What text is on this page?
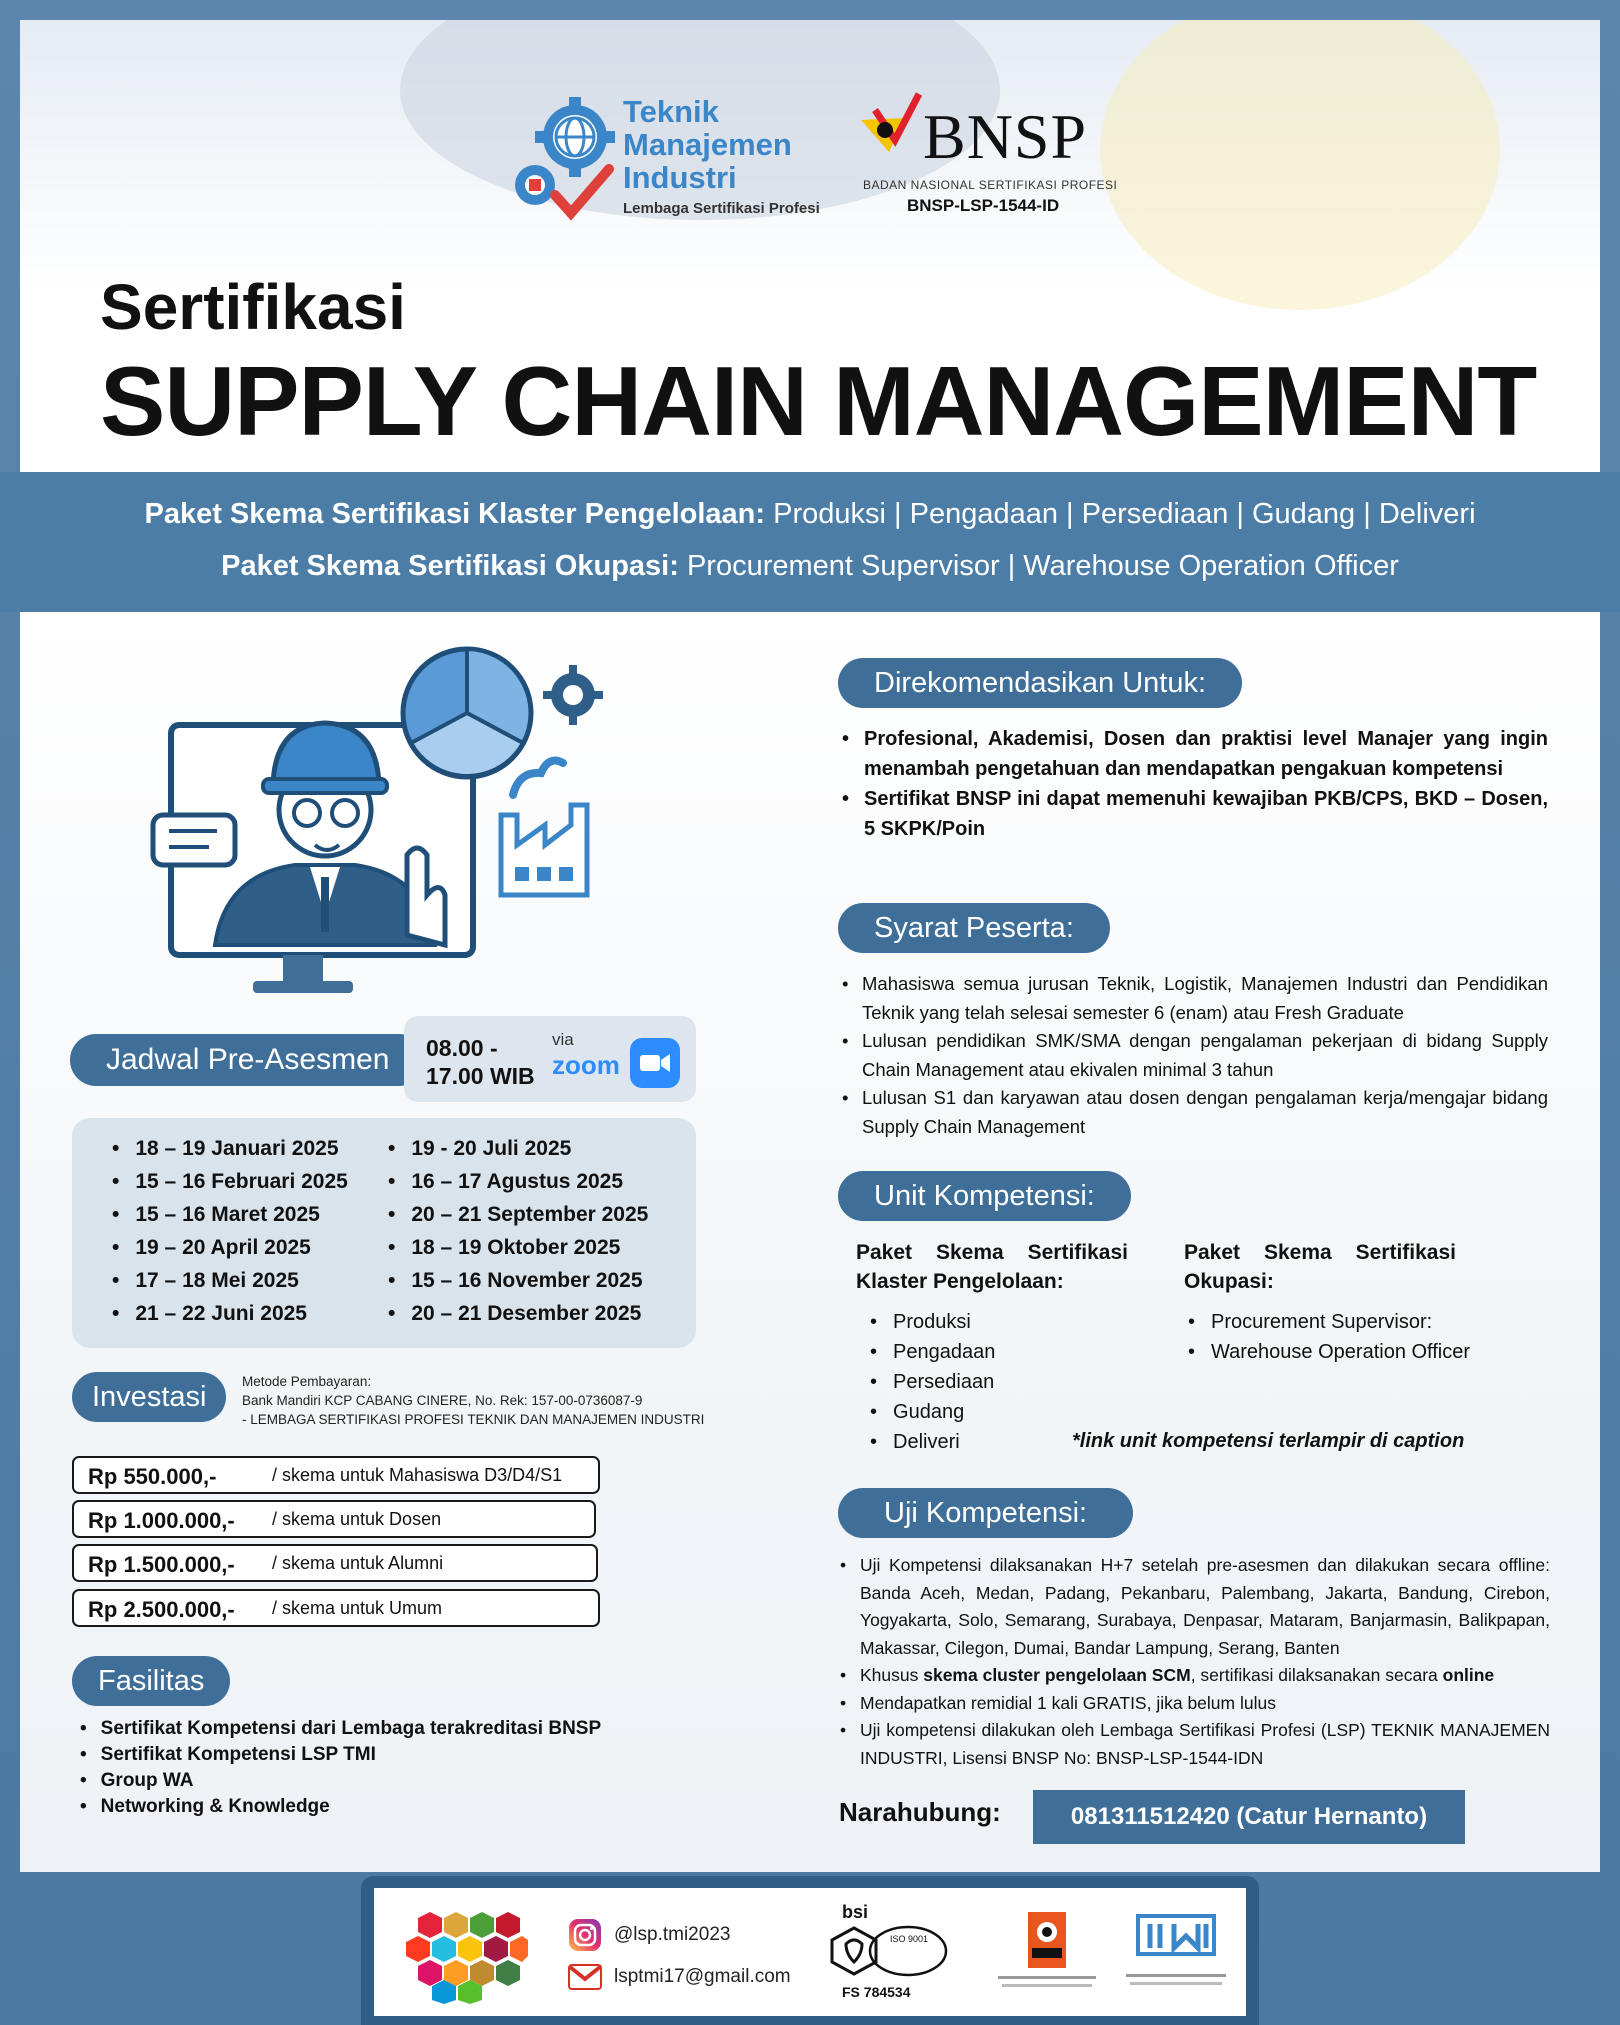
Teknik
Manajemen
Industri
Lembaga Sertifikasi Profesi
BNSP
BADAN NASIONAL SERTIFIKASI PROFESI
BNSP-LSP-1544-ID
Sertifikasi
SUPPLY CHAIN MANAGEMENT
Paket Skema Sertifikasi Klaster Pengelolaan: Produksi | Pengadaan | Persediaan | Gudang | Deliveri
Paket Skema Sertifikasi Okupasi: Procurement Supervisor | Warehouse Operation Officer
Jadwal Pre-Asesmen	08.00 -
17.00 WIB
via
zoom
• 18 – 19 Januari 2025
• 15 – 16 Februari 2025
• 15 – 16 Maret 2025
• 19 – 20 April 2025
• 17 – 18 Mei 2025
• 21 – 22 Juni 2025
• 19 - 20 Juli 2025
• 16 – 17 Agustus 2025
• 20 – 21 September 2025
• 18 – 19 Oktober 2025
• 15 – 16 November 2025
• 20 – 21 Desember 2025
Investasi	Metode Pembayaran:
Bank Mandiri KCP CABANG CINERE, No. Rek: 157-00-0736087-9
- LEMBAGA SERTIFIKASI PROFESI TEKNIK DAN MANAJEMEN INDUSTRI
Rp 550.000,-	/ skema untuk Mahasiswa D3/D4/S1
Rp 1.000.000,- / skema untuk Dosen
Rp 1.500.000,- / skema untuk Alumni
Rp 2.500.000,- / skema untuk Umum
Fasilitas
• Sertifikat Kompetensi dari Lembaga terakreditasi BNSP
• Sertifikat Kompetensi LSP TMI
• Group WA
• Networking & Knowledge
Direkomendasikan Untuk:
• Profesional, Akademisi, Dosen dan praktisi level Manajer yang ingin menambah pengetahuan dan mendapatkan pengakuan kompetensi
• Sertifikat BNSP ini dapat memenuhi kewajiban PKB/CPS, BKD – Dosen, 5 SKPK/Poin
Syarat Peserta:
• Mahasiswa semua jurusan Teknik, Logistik, Manajemen Industri dan Pendidikan Teknik yang telah selesai semester 6 (enam) atau Fresh Graduate
• Lulusan pendidikan SMK/SMA dengan pengalaman pekerjaan di bidang Supply Chain Management atau ekivalen minimal 3 tahun
• Lulusan S1 dan karyawan atau dosen dengan pengalaman kerja/mengajar bidang Supply Chain Management
Unit Kompetensi:
Paket Skema Sertifikasi Klaster Pengelolaan:
• Produksi
• Pengadaan
• Persediaan
• Gudang
• Deliveri
Paket Skema Sertifikasi Okupasi:
• Procurement Supervisor:
• Warehouse Operation Officer
*link unit kompetensi terlampir di caption
Uji Kompetensi:
• Uji Kompetensi dilaksanakan H+7 setelah pre-asesmen dan dilakukan secara offline: Banda Aceh, Medan, Padang, Pekanbaru, Palembang, Jakarta, Bandung, Cirebon, Yogyakarta, Solo, Semarang, Surabaya, Denpasar, Mataram, Banjarmasin, Balikpapan, Makassar, Cilegon, Dumai, Bandar Lampung, Serang, Banten
• Khusus skema cluster pengelolaan SCM, sertifikasi dilaksanakan secara online
• Mendapatkan remidial 1 kali GRATIS, jika belum lulus
• Uji kompetensi dilakukan oleh Lembaga Sertifikasi Profesi (LSP) TEKNIK MANAJEMEN INDUSTRI, Lisensi BNSP No: BNSP-LSP-1544-IDN
Narahubung:	081311512420 (Catur Hernanto)
@lsp.tmi2023
lsptmi17@gmail.com
bsi
ISO 9001
FS 784534
